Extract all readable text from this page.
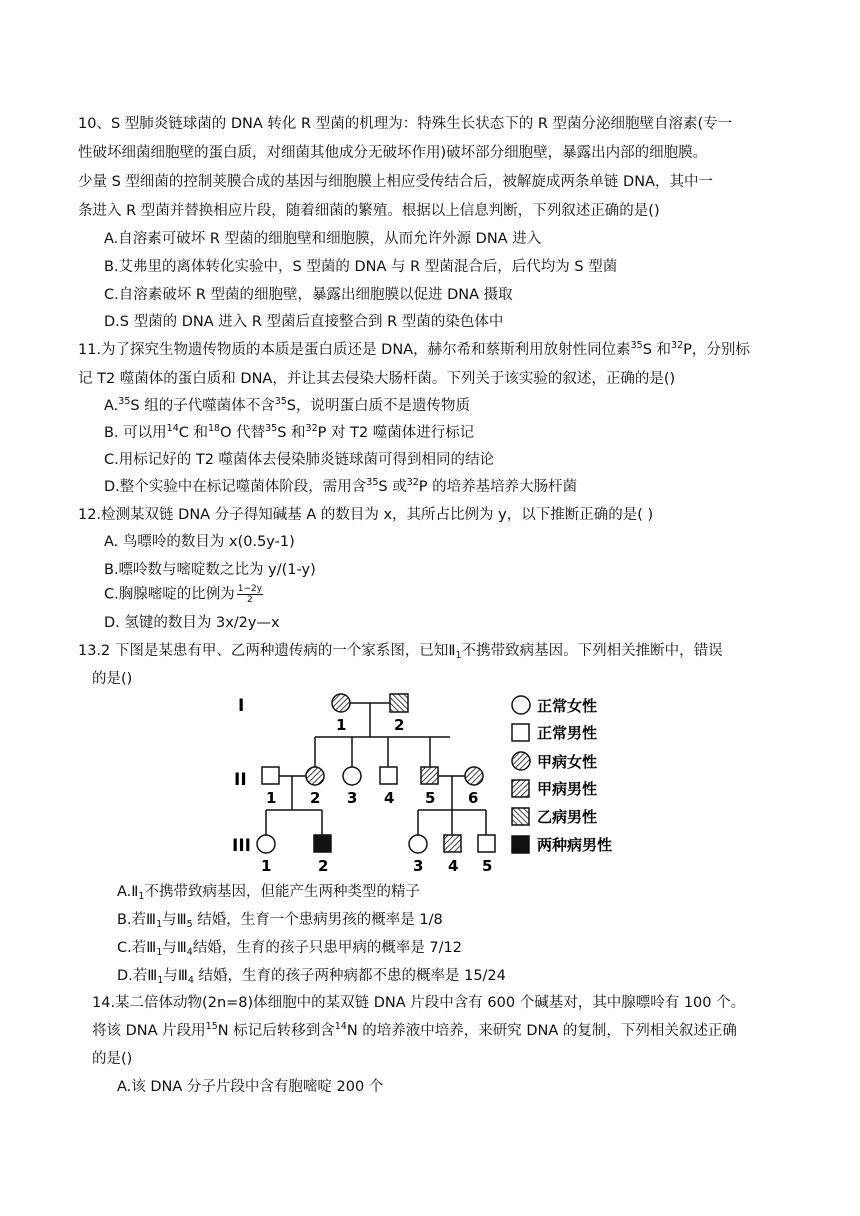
10、S 型肺炎链球菌的 DNA 转化 R 型菌的机理为：特殊生长状态下的 R 型菌分泌细胞壁自溶素(专一
性破坏细菌细胞壁的蛋白质，对细菌其他成分无破坏作用)破坏部分细胞壁，暴露出内部的细胞膜。
少量 S 型细菌的控制荚膜合成的基因与细胞膜上相应受传结合后，被解旋成两条单链 DNA，其中一
条进入 R 型菌并替换相应片段，随着细菌的繁殖。根据以上信息判断，下列叙述正确的是()
A.自溶素可破坏 R 型菌的细胞壁和细胞膜，从而允许外源 DNA 进入
B.艾弗里的离体转化实验中，S 型菌的 DNA 与 R 型菌混合后，后代均为 S 型菌
C.自溶素破坏 R 型菌的细胞壁，暴露出细胞膜以促进 DNA 摄取
D.S 型菌的 DNA 进入 R 型菌后直接整合到 R 型菌的染色体中
11.为了探究生物遗传物质的本质是蛋白质还是 DNA，赫尔希和蔡斯利用放射性同位素$^{35}$S 和$^{32}$P，分别标
记 T2 噬菌体的蛋白质和 DNA，并让其去侵染大肠杆菌。下列关于该实验的叙述，正确的是()
A.$^{35}$S 组的子代噬菌体不含$^{35}$S，说明蛋白质不是遗传物质
B. 可以用$^{14}$C 和$^{18}$O 代替$^{35}$S 和$^{32}$P 对 T2 噬菌体进行标记
C.用标记好的 T2 噬菌体去侵染肺炎链球菌可得到相同的结论
D.整个实验中在标记噬菌体阶段，需用含$^{35}$S 或$^{32}$P 的培养基培养大肠杆菌
12.检测某双链 DNA 分子得知碱基 A 的数目为 x，其所占比例为 y，以下推断正确的是( )
A. 鸟嘌呤的数目为 x(0.5y-1)
B.嘌呤数与嘧啶数之比为 y/(1-y)
C.胸腺嘧啶的比例为 $\frac{1-2y}{2}$
D. 氢键的数目为 3x/2y—x
13.2 下图是某患有甲、乙两种遗传病的一个家系图，已知$Ⅱ_1$不携带致病基因。下列相关推断中，错误
的是()
I
II
III
1	2
1 2 3 4 5 6
1	2	3 4 5
正常女性
正常男性
甲病女性
甲病男性
乙病男性
两种病男性
$A.Ⅱ_1$不携带致病基因，但能产生两种类型的精子
B.若$Ⅲ_1$与$Ⅲ_5$ 结婚，生育一个患病男孩的概率是 1/8
C.若$Ⅲ_1$与$Ⅲ_4$结婚，生育的孩子只患甲病的概率是 7/12
D.若$Ⅲ_1$与$Ⅲ_4$ 结婚，生育的孩子两种病都不患的概率是 15/24
14.某二倍体动物(2n=8)体细胞中的某双链 DNA 片段中含有 600 个碱基对，其中腺嘌呤有 100 个。
将该 DNA 片段用$^{15}$N 标记后转移到含$^{14}$N 的培养液中培养，来研究 DNA 的复制，下列相关叙述正确
的是()
A.该 DNA 分子片段中含有胞嘧啶 200 个
